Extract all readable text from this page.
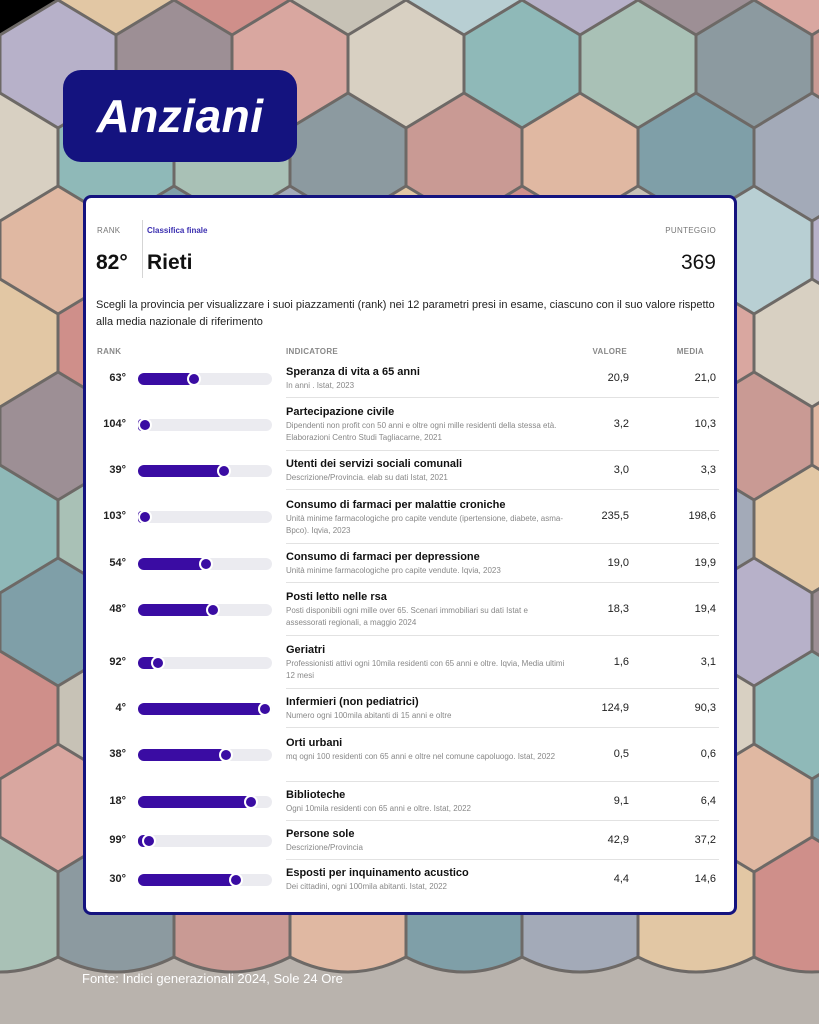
Anziani
RANK	Classifica finale	PUNTEGGIO
82° Rieti	369
Scegli la provincia per visualizzare i suoi piazzamenti (rank) nei 12 parametri presi in esame, ciascuno con il suo valore rispetto alla media nazionale di riferimento
RANK	INDICATORE	VALORE	MEDIA
63°	Speranza di vita a 65 anni
In anni . Istat, 2023
20,9	21,0
104°
Partecipazione civile
Dipendenti non profit con 50 anni e oltre ogni mille residenti della stessa età. Elaborazioni Centro Studi Tagliacarne, 2021
3,2	10,3
39°	Utenti dei servizi sociali comunali
Descrizione/Provincia. elab su dati Istat, 2021
3,0	3,3
103°
Consumo di farmaci per malattie croniche
Unità minime farmacologiche pro capite vendute (ipertensione, diabete, asma-Bpco). Iqvia, 2023
235,5	198,6
54°	Consumo di farmaci per depressione
Unità minime farmacologiche pro capite vendute. Iqvia, 2023
19,0	19,9
48°
Posti letto nelle rsa
Posti disponibili ogni mille over 65. Scenari immobiliari su dati Istat e assessorati regionali, a maggio 2024
18,3	19,4
92°
Geriatri
Professionisti attivi ogni 10mila residenti con 65 anni e oltre. Iqvia, Media ultimi 12 mesi
1,6	3,1
4°	Infermieri (non pediatrici)
Numero ogni 100mila abitanti di 15 anni e oltre
124,9	90,3
38°
Orti urbani
mq ogni 100 residenti con 65 anni e oltre nel comune capoluogo. Istat, 2022	0,5	0,6
18°	Biblioteche
Ogni 10mila residenti con 65 anni e oltre. Istat, 2022
9,1	6,4
99°	Persone sole
Descrizione/Provincia
42,9	37,2
30°	Esposti per inquinamento acustico
Dei cittadini, ogni 100mila abitanti. Istat, 2022
4,4	14,6
Fonte: Indici generazionali 2024, Sole 24 Ore
